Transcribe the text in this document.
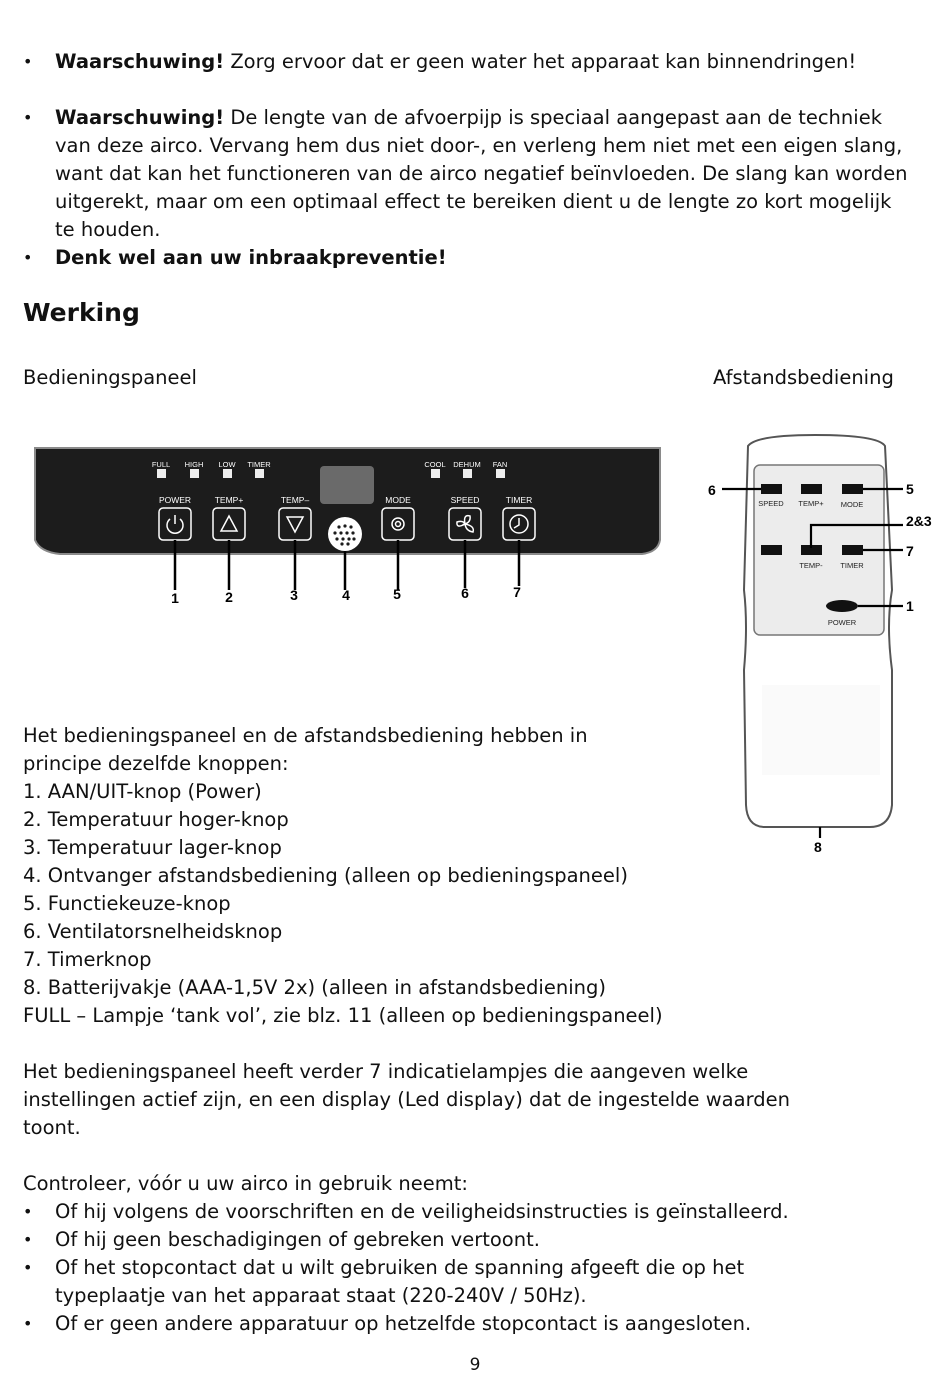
• Waarschuwing! Zorg ervoor dat er geen water het apparaat kan binnendringen!
• Waarschuwing! De lengte van de afvoerpijp is speciaal aangepast aan de techniek van deze airco. Vervang hem dus niet door-, en verleng hem niet met een eigen slang, want dat kan het functioneren van de airco negatief beïnvloeden. De slang kan worden uitgerekt, maar om een optimaal effect te bereiken dient u de lengte zo kort mogelijk te houden.
• Denk wel aan uw inbraakpreventie!
Werking
Bedieningspaneel	Afstandsbediening
FULL HIGH LOW TIMER	COOL DEHUM FAN
POWER	TEMP+	TEMP–	MODE	SPEED	TIMER
1	2	3	4	5	6	7
SPEED TEMP+ MODE
TEMP- TIMER
POWER
6	5
2&3
7
1
8
Het bedieningspaneel en de afstandsbediening hebben in
principe dezelfde knoppen:
1. AAN/UIT-knop (Power)
2. Temperatuur hoger-knop
3. Temperatuur lager-knop
4. Ontvanger afstandsbediening (alleen op bedieningspaneel)
5. Functiekeuze-knop
6. Ventilatorsnelheidsknop
7. Timerknop
8. Batterijvakje (AAA-1,5V 2x) (alleen in afstandsbediening)
FULL – Lampje ‘tank vol’, zie blz. 11 (alleen op bedieningspaneel)
Het bedieningspaneel heeft verder 7 indicatielampjes die aangeven welke
instellingen actief zijn, en een display (Led display) dat de ingestelde waarden
toont.
Controleer, vóór u uw airco in gebruik neemt:
• Of hij volgens de voorschriften en de veiligheidsinstructies is geïnstalleerd.
• Of hij geen beschadigingen of gebreken vertoont.
• Of het stopcontact dat u wilt gebruiken de spanning afgeeft die op het typeplaatje van het apparaat staat (220-240V / 50Hz).
• Of er geen andere apparatuur op hetzelfde stopcontact is aangesloten.
9
